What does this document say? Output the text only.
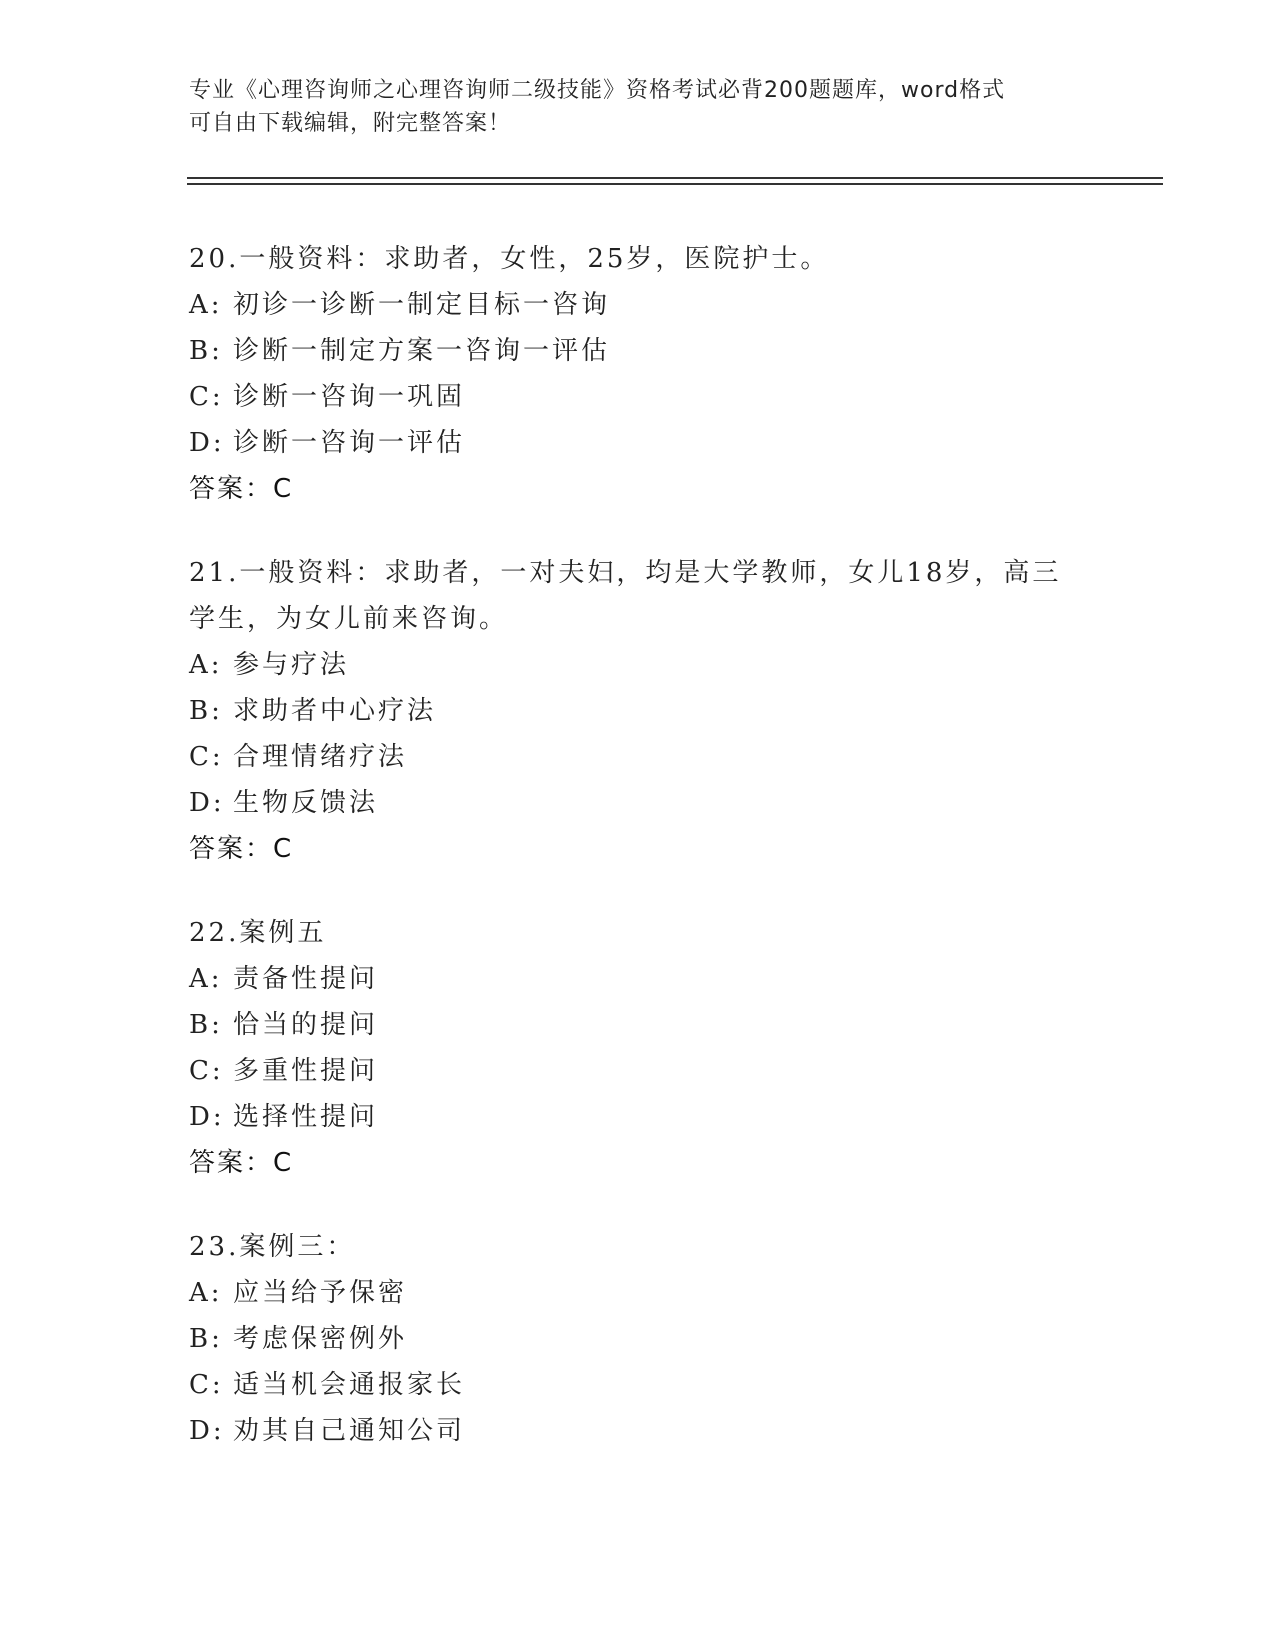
专业《心理咨询师之心理咨询师二级技能》资格考试必背200题题库，word格式
可自由下载编辑，附完整答案！
20.一般资料：求助者，女性，25岁，医院护士。
A: 初诊一诊断一制定目标一咨询
B: 诊断一制定方案一咨询一评估
C: 诊断一咨询一巩固
D: 诊断一咨询一评估
答案：C
21.一般资料：求助者，一对夫妇，均是大学教师，女儿18岁，高三
学生，为女儿前来咨询。
A: 参与疗法
B: 求助者中心疗法
C: 合理情绪疗法
D: 生物反馈法
答案：C
22.案例五
A: 责备性提问
B: 恰当的提问
C: 多重性提问
D: 选择性提问
答案：C
23.案例三：
A: 应当给予保密
B: 考虑保密例外
C: 适当机会通报家长
D: 劝其自己通知公司
